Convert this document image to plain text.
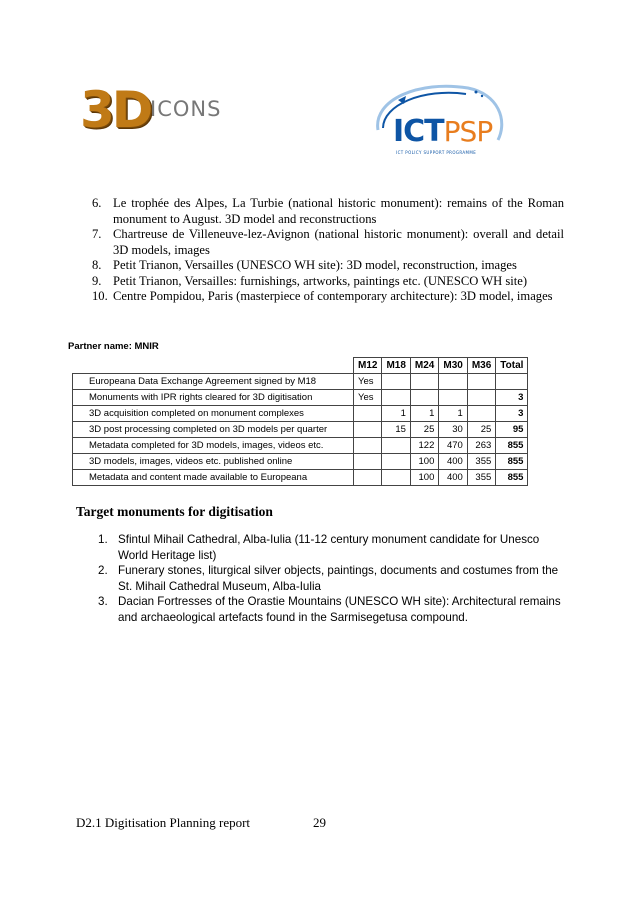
3D ICONS
ICTPSP
ICT POLICY SUPPORT PROGRAMME
6. Le trophée des Alpes, La Turbie (national historic monument): remains of the Roman monument to August. 3D model and reconstructions
7. Chartreuse de Villeneuve-lez-Avignon (national historic monument): overall and detail 3D models, images
8. Petit Trianon, Versailles (UNESCO WH site): 3D model, reconstruction, images
9. Petit Trianon, Versailles: furnishings, artworks, paintings etc. (UNESCO WH site)
10. Centre Pompidou, Paris (masterpiece of contemporary architecture): 3D model, images
Partner name: MNIR
	M12	M18	M24	M30	M36	Total
Europeana Data Exchange Agreement signed by M18	Yes					
Monuments with IPR rights cleared for 3D digitisation	Yes					3
3D acquisition completed on monument complexes		1	1	1		3
3D post processing completed on 3D models per quarter		15	25	30	25	95
Metadata completed for 3D models, images, videos etc.			122	470	263	855
3D models, images, videos etc. published online			100	400	355	855
Metadata and content made available to Europeana			100	400	355	855
Target monuments for digitisation
1. Sfintul Mihail Cathedral, Alba-Iulia (11-12 century monument candidate for Unesco World Heritage list)
2. Funerary stones, liturgical silver objects, paintings, documents and costumes from the St. Mihail Cathedral Museum, Alba-Iulia
3. Dacian Fortresses of the Orastie Mountains (UNESCO WH site): Architectural remains and archaeological artefacts found in the Sarmisegetusa compound.
D2.1 Digitisation Planning report	29
